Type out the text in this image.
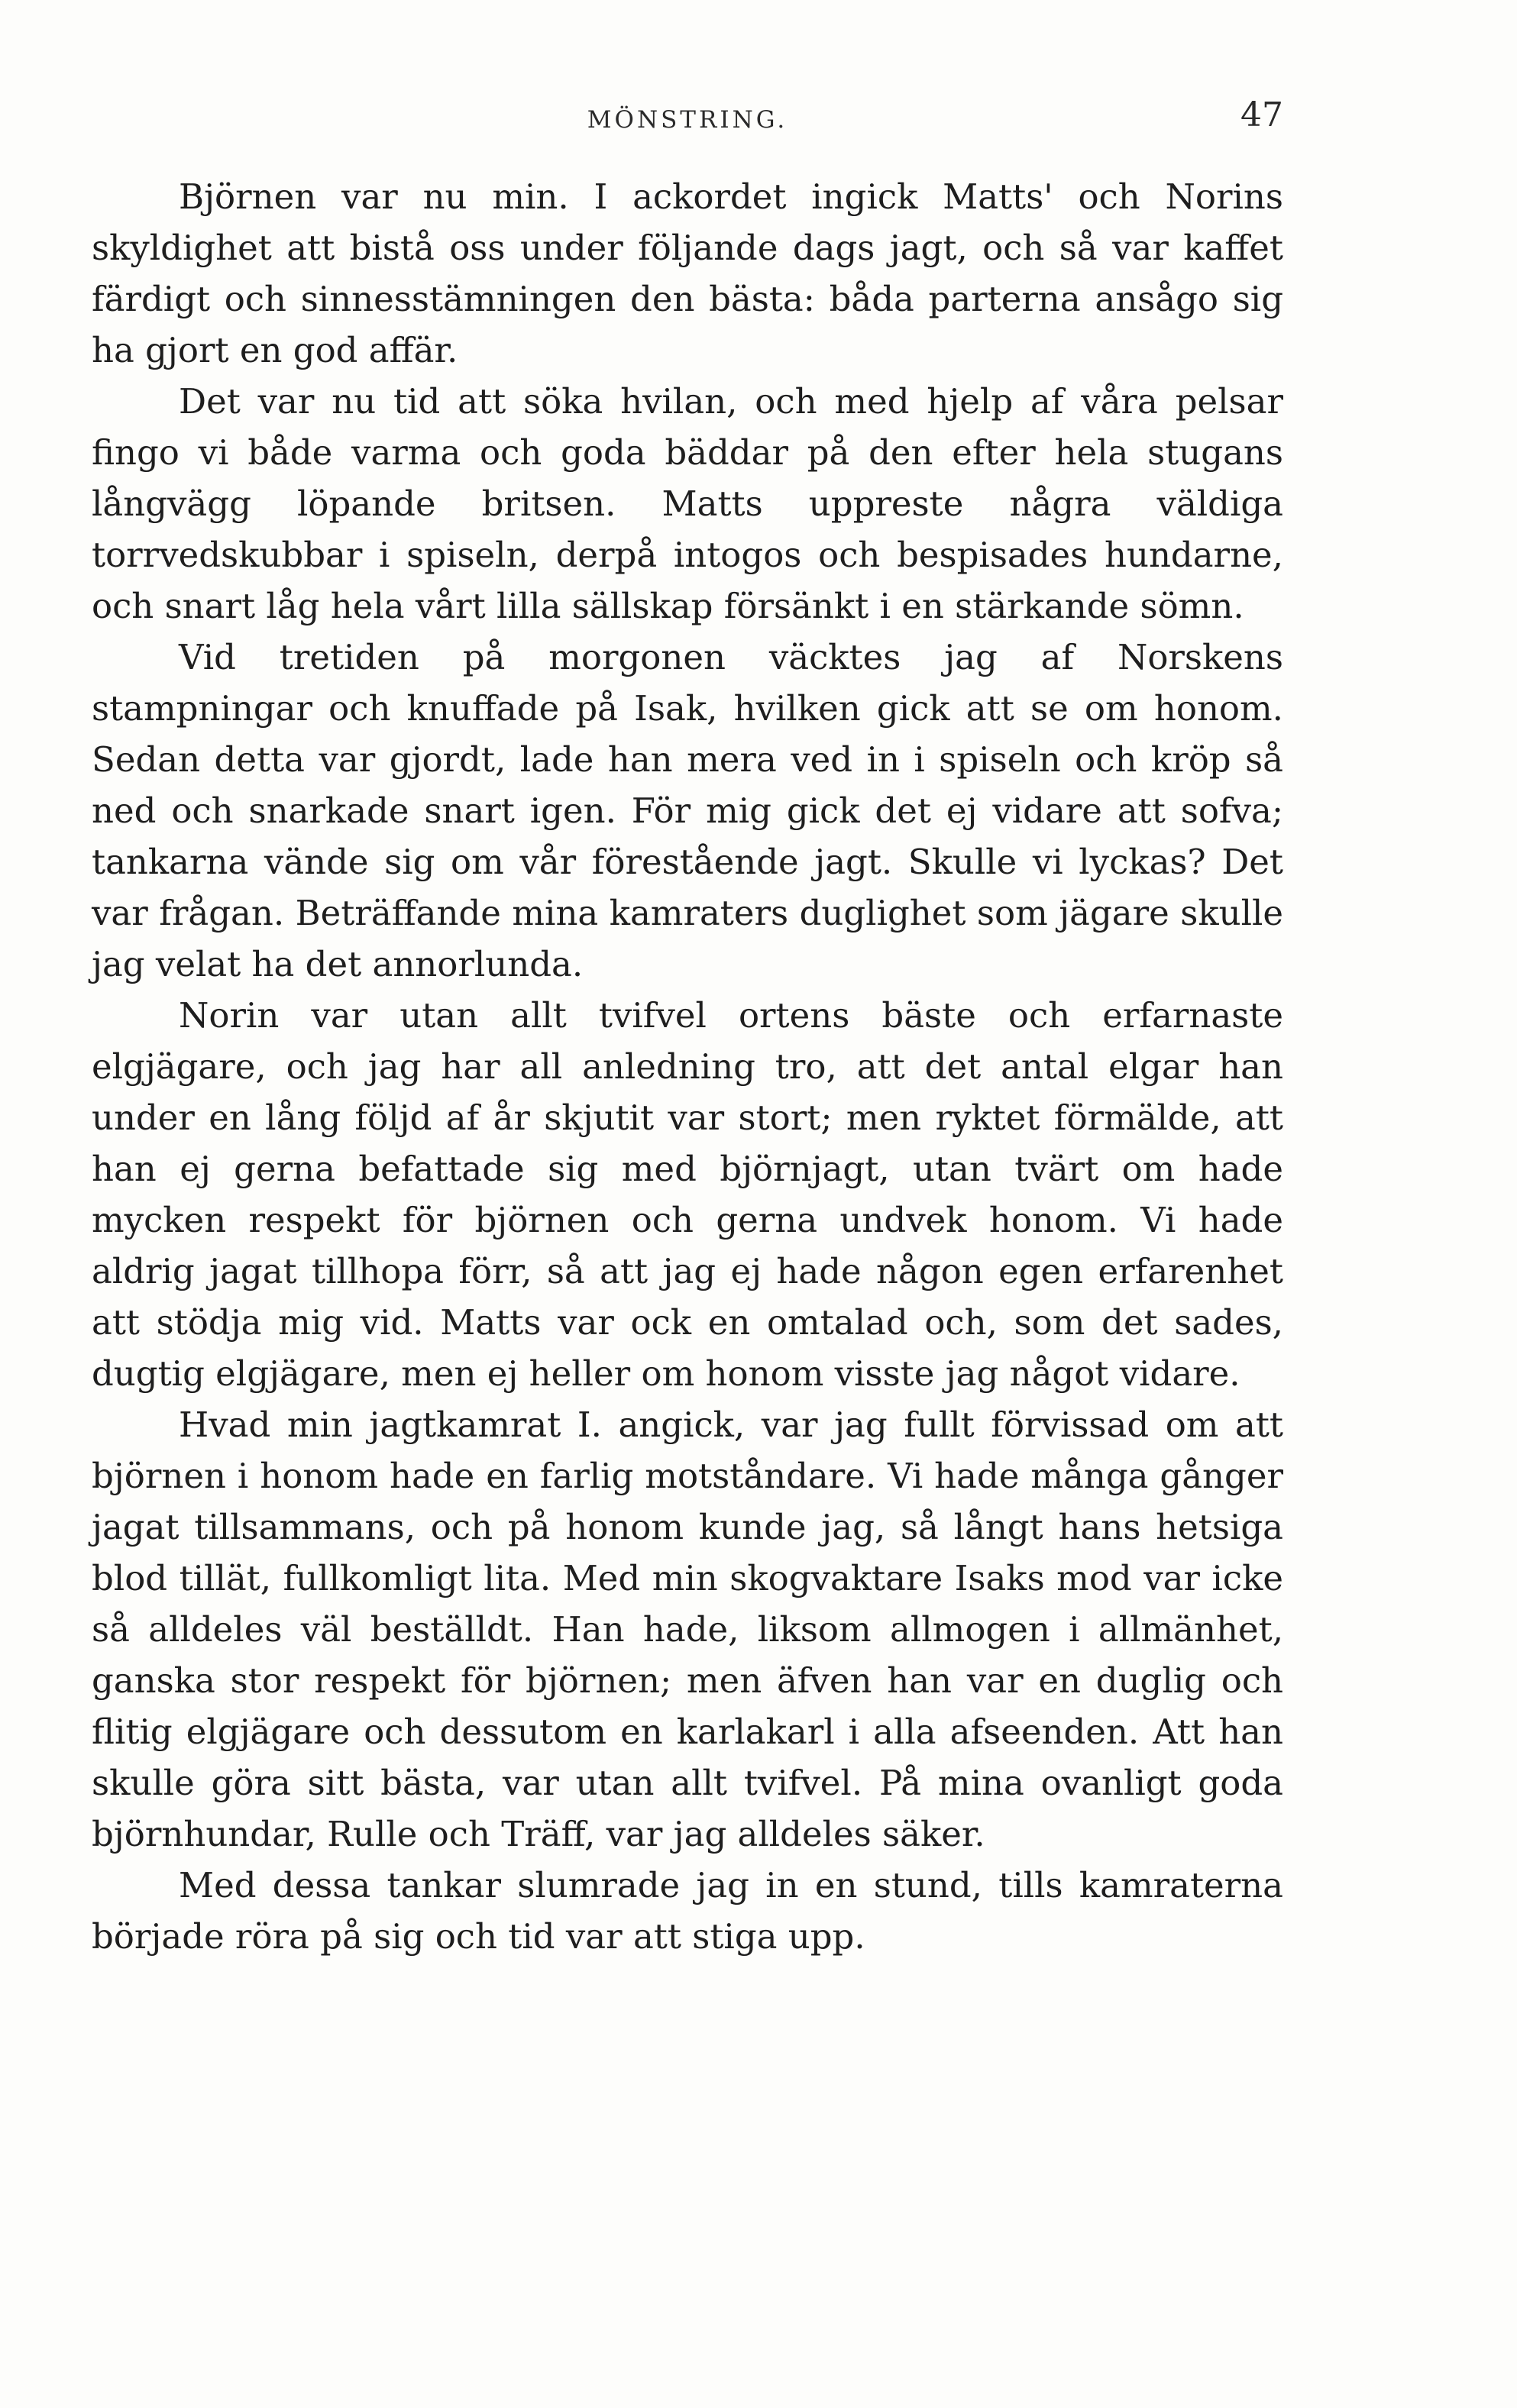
MÖNSTRING.	47

Björnen var nu min. I ackordet ingick Matts' och Norins skyldighet att bistå oss under följande dags jagt, och så var kaffet färdigt och sinnesstämningen den bästa: båda parterna ansågo sig ha gjort en god affär.

Det var nu tid att söka hvilan, och med hjelp af våra pelsar fingo vi både varma och goda bäddar på den efter hela stugans långvägg löpande britsen. Matts uppreste några väldiga torrvedskubbar i spiseln, derpå intogos och bespisades hundarne, och snart låg hela vårt lilla sällskap försänkt i en stärkande sömn.

Vid tretiden på morgonen väcktes jag af Norskens stampningar och knuffade på Isak, hvilken gick att se om honom. Sedan detta var gjordt, lade han mera ved in i spiseln och kröp så ned och snarkade snart igen. För mig gick det ej vidare att sofva; tankarna vände sig om vår förestående jagt. Skulle vi lyckas? Det var frågan. Beträffande mina kamraters duglighet som jägare skulle jag velat ha det annorlunda.

Norin var utan allt tvifvel ortens bäste och erfarnaste elgjägare, och jag har all anledning tro, att det antal elgar han under en lång följd af år skjutit var stort; men ryktet förmälde, att han ej gerna befattade sig med björnjagt, utan tvärt om hade mycken respekt för björnen och gerna undvek honom. Vi hade aldrig jagat tillhopa förr, så att jag ej hade någon egen erfarenhet att stödja mig vid. Matts var ock en omtalad och, som det sades, dugtig elgjägare, men ej heller om honom visste jag något vidare.

Hvad min jagtkamrat I. angick, var jag fullt förvissad om att björnen i honom hade en farlig motståndare. Vi hade många gånger jagat tillsammans, och på honom kunde jag, så långt hans hetsiga blod tillät, fullkomligt lita. Med min skogvaktare Isaks mod var icke så alldeles väl beställdt. Han hade, liksom allmogen i allmänhet, ganska stor respekt för björnen; men äfven han var en duglig och flitig elgjägare och dessutom en karlakarl i alla afseenden. Att han skulle göra sitt bästa, var utan allt tvifvel. På mina ovanligt goda björnhundar, Rulle och Träff, var jag alldeles säker.

Med dessa tankar slumrade jag in en stund, tills kamraterna började röra på sig och tid var att stiga upp.
